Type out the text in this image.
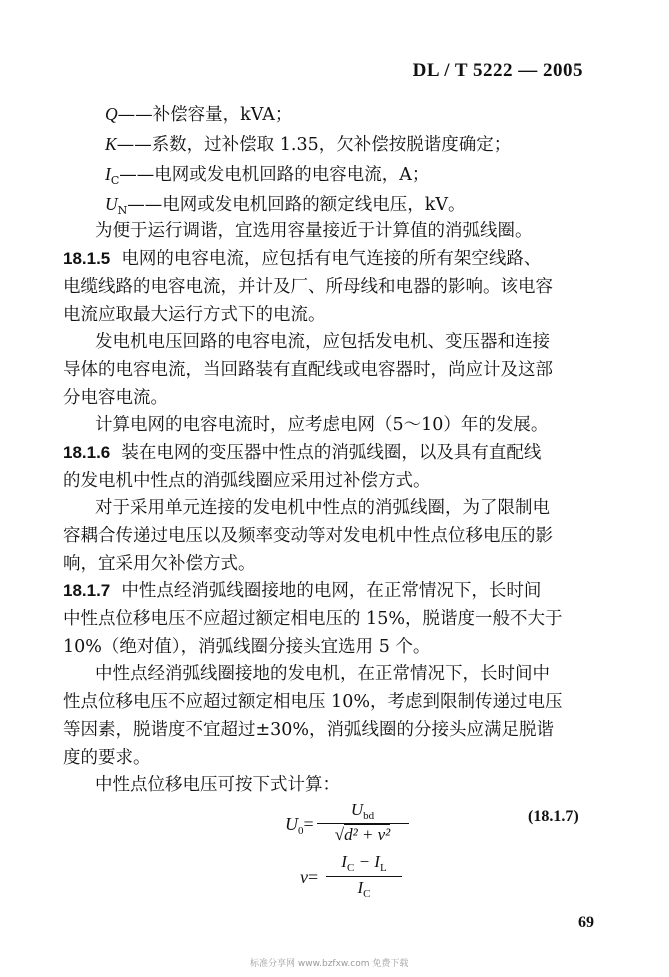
DL / T 5222 — 2005
Q——补偿容量，kVA；
K——系数，过补偿取 1.35，欠补偿按脱谐度确定；
$I_C——$电网或发电机回路的电容电流，A；
$U_N——$电网或发电机回路的额定线电压，kV。
为便于运行调谐，宜选用容量接近于计算值的消弧线圈。
18.1.5 电网的电容电流，应包括有电气连接的所有架空线路、
电缆线路的电容电流，并计及厂、所母线和电器的影响。该电容
电流应取最大运行方式下的电流。
发电机电压回路的电容电流，应包括发电机、变压器和连接
导体的电容电流，当回路装有直配线或电容器时，尚应计及这部
分电容电流。
计算电网的电容电流时，应考虑电网（5～10）年的发展。
18.1.6 装在电网的变压器中性点的消弧线圈，以及具有直配线
的发电机中性点的消弧线圈应采用过补偿方式。
对于采用单元连接的发电机中性点的消弧线圈，为了限制电
容耦合传递过电压以及频率变动等对发电机中性点位移电压的影
响，宜采用欠补偿方式。
18.1.7 中性点经消弧线圈接地的电网，在正常情况下，长时间
中性点位移电压不应超过额定相电压的 15%，脱谐度一般不大于
10%（绝对值），消弧线圈分接头宜选用 5 个。
中性点经消弧线圈接地的发电机，在正常情况下，长时间中
性点位移电压不应超过额定相电压 10%，考虑到限制传递过电压
等因素，脱谐度不宜超过±30%，消弧线圈的分接头应满足脱谐
度的要求。
中性点位移电压可按下式计算：
$U_0=$
$U_{bd}$
√d² + v²
(18.1.7)
v=
$I_C - I_L$
$I_C$
69
标准分享网 www.bzfxw.com 免费下载
